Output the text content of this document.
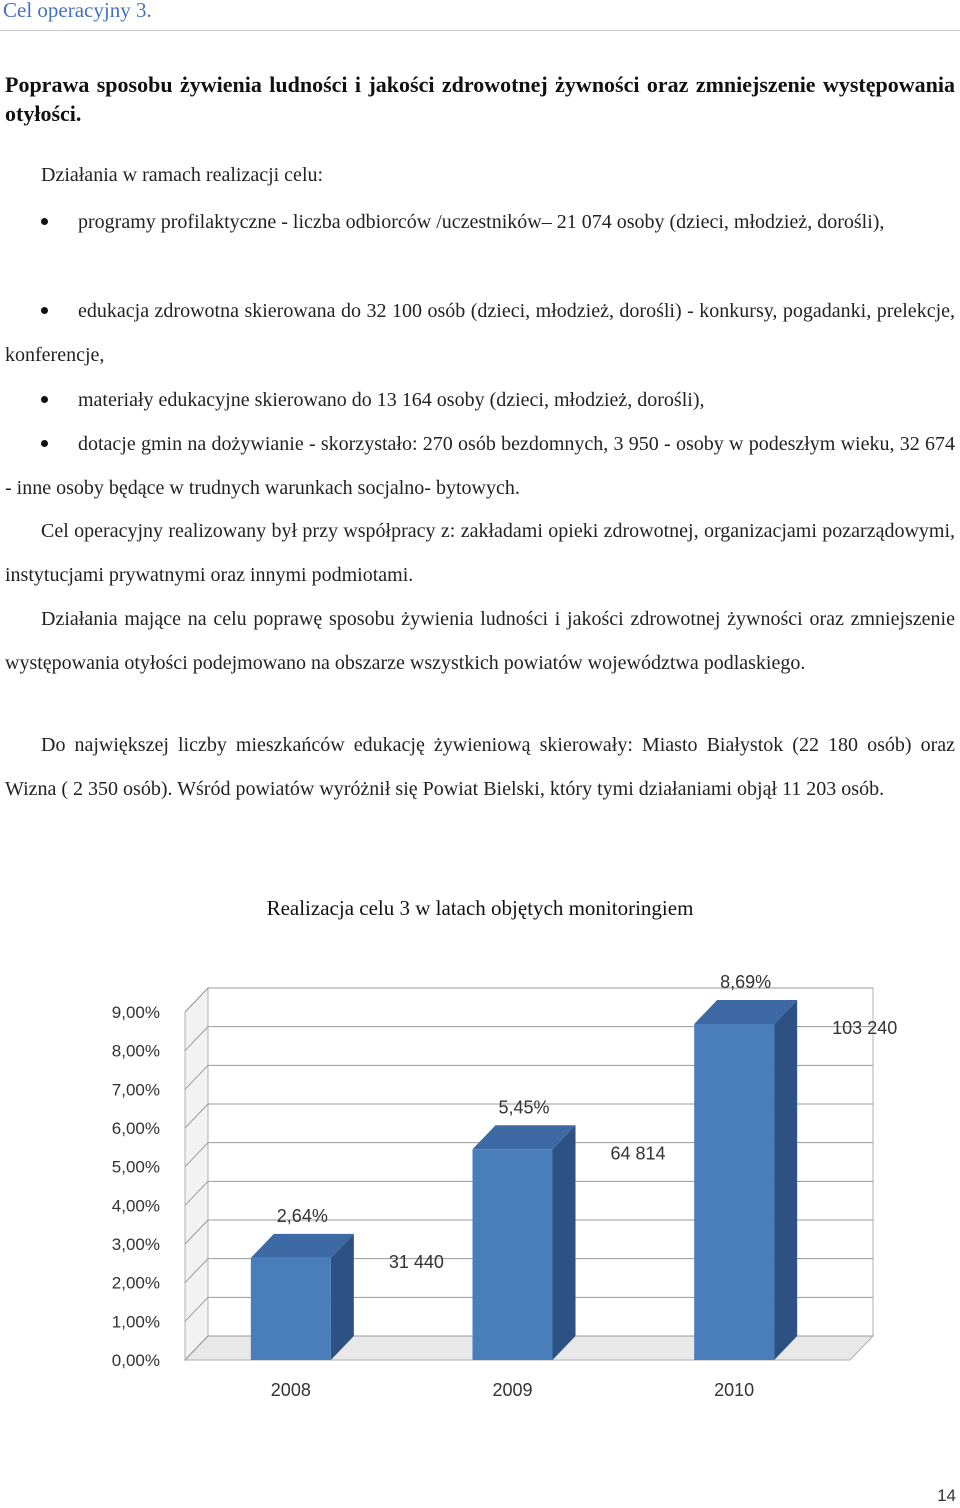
Cel operacyjny 3.

Poprawa sposobu żywienia ludności i jakości zdrowotnej żywności oraz zmniejszenie występowania otyłości.

Działania w ramach realizacji celu:

programy profilaktyczne - liczba odbiorców /uczestników– 21 074 osoby (dzieci, młodzież, dorośli),

edukacja zdrowotna skierowana do 32 100 osób (dzieci, młodzież, dorośli) - konkursy, pogadanki, prelekcje, konferencje,

materiały edukacyjne skierowano do 13 164 osoby (dzieci, młodzież, dorośli),

dotacje gmin na dożywianie - skorzystało: 270 osób bezdomnych, 3 950 - osoby w podeszłym wieku, 32 674 - inne osoby będące w trudnych warunkach socjalno- bytowych.

Cel operacyjny realizowany był przy współpracy z: zakładami opieki zdrowotnej, organizacjami pozarządowymi, instytucjami prywatnymi oraz innymi podmiotami.

Działania mające na celu poprawę sposobu żywienia ludności i jakości zdrowotnej żywności oraz zmniejszenie występowania otyłości podejmowano na obszarze wszystkich powiatów województwa podlaskiego.

Do największej liczby mieszkańców edukację żywieniową skierowały: Miasto Białystok (22 180 osób) oraz Wizna ( 2 350 osób). Wśród powiatów wyróżnił się Powiat Bielski, który tymi działaniami objął 11 203 osób.

Realizacja celu 3 w latach objętych monitoringiem

0,00%
1,00%
2,00%
3,00%
4,00%
5,00%
6,00%
7,00%
8,00%
9,00%
2,64%
31 440
2008
5,45%
64 814
2009
8,69%
103 240
2010
14
